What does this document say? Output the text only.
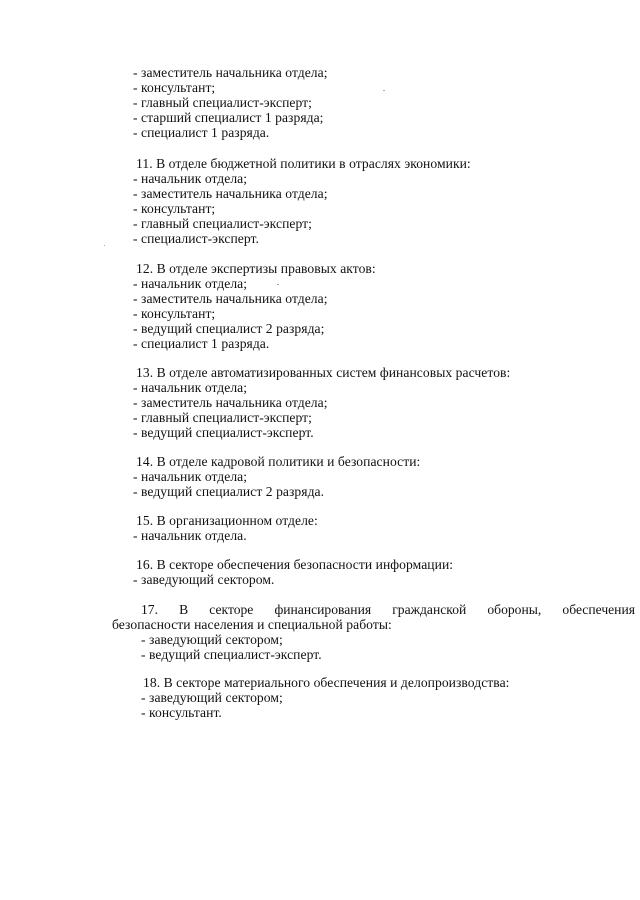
- заместитель начальника отдела;
- консультант;
- главный специалист-эксперт;
- старший специалист 1 разряда;
- специалист 1 разряда.
11. В отделе бюджетной политики в отраслях экономики:
- начальник отдела;
- заместитель начальника отдела;
- консультант;
- главный специалист-эксперт;
- специалист-эксперт.
12. В отделе экспертизы правовых актов:
- начальник отдела;
- заместитель начальника отдела;
- консультант;
- ведущий специалист 2 разряда;
- специалист 1 разряда.
13. В отделе автоматизированных систем финансовых расчетов:
- начальник отдела;
- заместитель начальника отдела;
- главный специалист-эксперт;
- ведущий специалист-эксперт.
14. В отделе кадровой политики и безопасности:
- начальник отдела;
- ведущий специалист 2 разряда.
15. В организационном отделе:
- начальник отдела.
16. В секторе обеспечения безопасности информации:
- заведующий сектором.
17. В секторе финансирования гражданской обороны, обеспечения
безопасности населения и специальной работы:
- заведующий сектором;
- ведущий специалист-эксперт.
18. В секторе материального обеспечения и делопроизводства:
- заведующий сектором;
- консультант.
